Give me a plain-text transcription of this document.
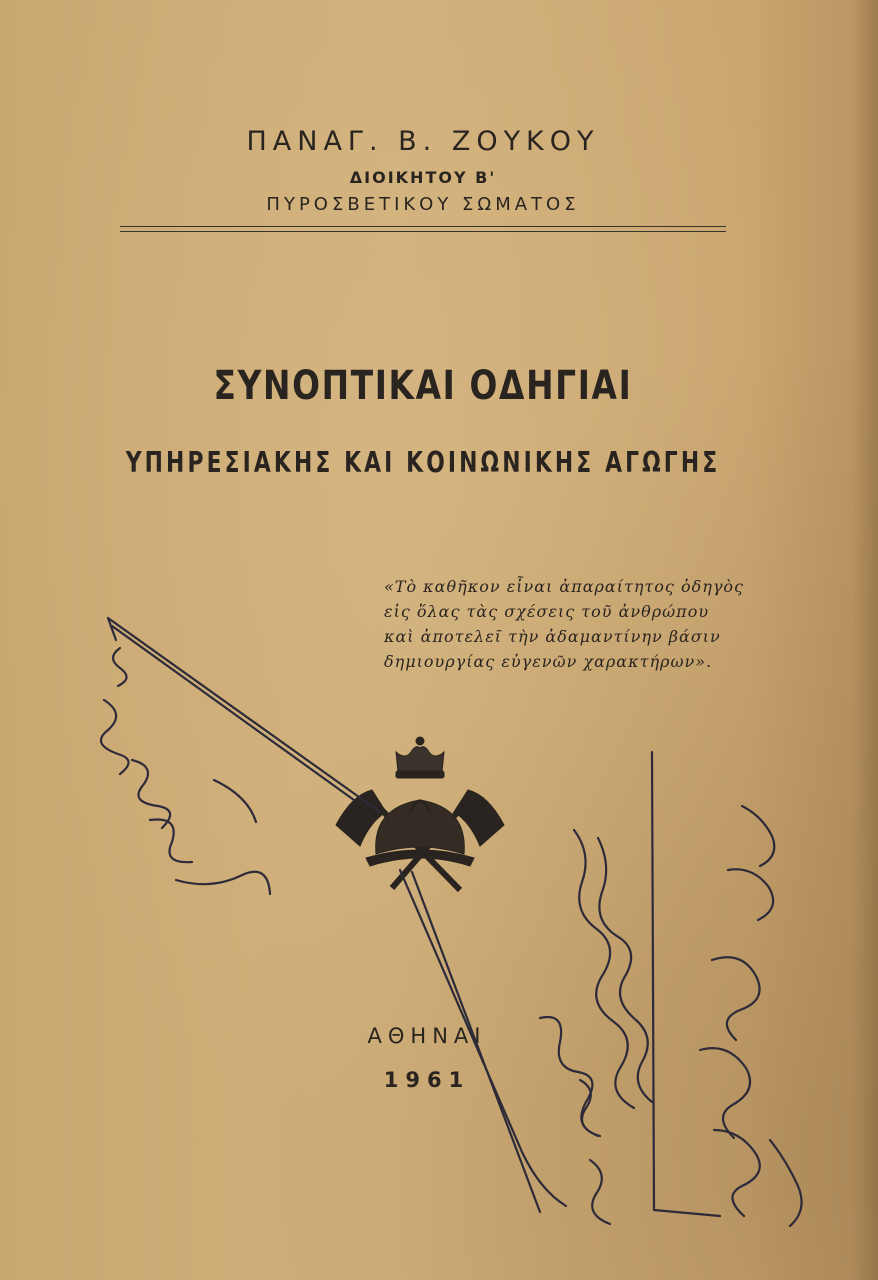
ΠΑΝΑΓ. Β. ΖΟΥΚΟΥ
ΔΙΟΙΚΗΤΟΥ Β'
ΠΥΡΟΣΒΕΤΙΚΟΥ ΣΩΜΑΤΟΣ
ΣΥΝΟΠΤΙΚΑΙ ΟΔΗΓΙΑΙ
ΥΠΗΡΕΣΙΑΚΗΣ ΚΑΙ ΚΟΙΝΩΝΙΚΗΣ ΑΓΩΓΗΣ
«Τὸ καθῆκον εἶναι ἀπαραίτητος ὁδηγὸς
εἰς ὅλας τὰς σχέσεις τοῦ ἀνθρώπου
καὶ ἀποτελεῖ τὴν ἀδαμαντίνην βάσιν
δημιουργίας εὐγενῶν χαρακτήρων».
ΑΘΗΝΑΙ
1961
